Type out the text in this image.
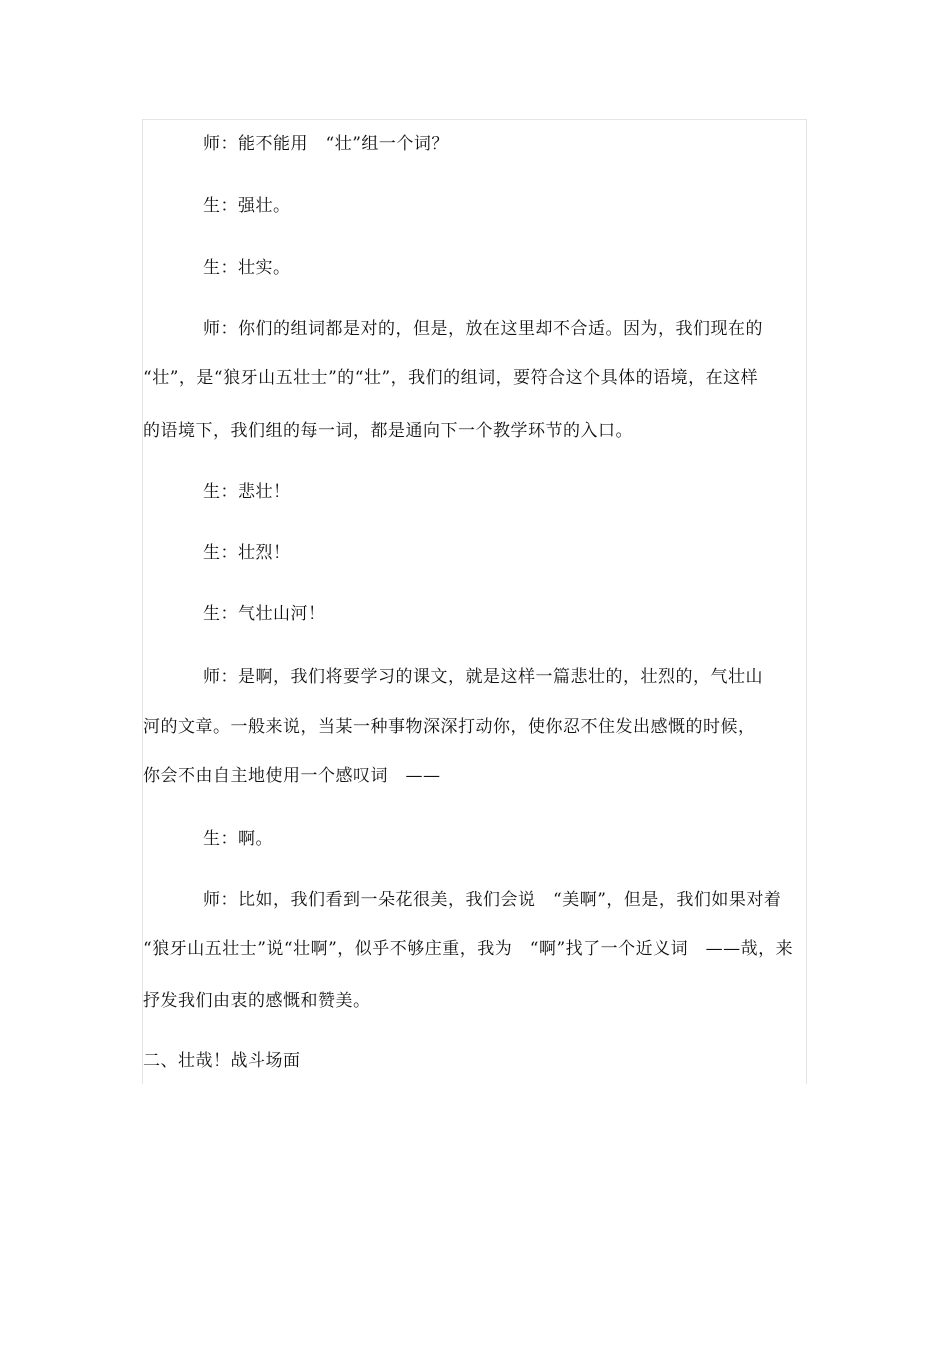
师：能不能用　“壮”组一个词？
生：强壮。
生：壮实。
师：你们的组词都是对的，但是，放在这里却不合适。因为，我们现在的
“壮”，是“狼牙山五壮士”的“壮”，我们的组词，要符合这个具体的语境，在这样
的语境下，我们组的每一词，都是通向下一个教学环节的入口。
生：悲壮！
生：壮烈！
生：气壮山河！
师：是啊，我们将要学习的课文，就是这样一篇悲壮的，壮烈的，气壮山
河的文章。一般来说，当某一种事物深深打动你，使你忍不住发出感慨的时候，
你会不由自主地使用一个感叹词　——
生：啊。
师：比如，我们看到一朵花很美，我们会说　“美啊”，但是，我们如果对着
“狼牙山五壮士”说“壮啊”，似乎不够庄重，我为　“啊”找了一个近义词　——哉，来
抒发我们由衷的感慨和赞美。
二、壮哉！战斗场面
